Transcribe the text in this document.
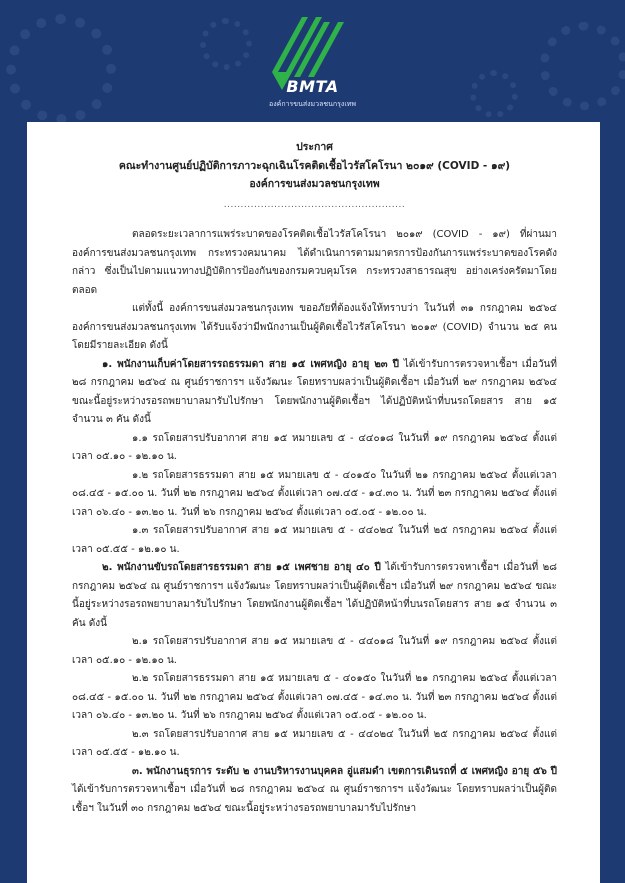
BMTA
องค์การขนส่งมวลชนกรุงเทพ
ประกาศ
คณะทำงานศูนย์ปฏิบัติการภาวะฉุกเฉินโรคติดเชื้อไวรัสโคโรนา ๒๐๑๙ (COVID - ๑๙)
องค์การขนส่งมวลชนกรุงเทพ
......................................................

ตลอดระยะเวลาการแพร่ระบาดของโรคติดเชื้อไวรัสโคโรนา ๒๐๑๙ (COVID - ๑๙) ที่ผ่านมาองค์การขนส่งมวลชนกรุงเทพ กระทรวงคมนาคม ได้ดำเนินการตามมาตรการป้องกันการแพร่ระบาดของโรคดังกล่าว ซึ่งเป็นไปตามแนวทางปฏิบัติการป้องกันของกรมควบคุมโรค กระทรวงสาธารณสุข อย่างเคร่งครัดมาโดยตลอด

แต่ทั้งนี้ องค์การขนส่งมวลชนกรุงเทพ ขออภัยที่ต้องแจ้งให้ทราบว่า ในวันที่ ๓๑ กรกฎาคม ๒๕๖๔ องค์การขนส่งมวลชนกรุงเทพ ได้รับแจ้งว่ามีพนักงานเป็นผู้ติดเชื้อไวรัสโคโรนา ๒๐๑๙ (COVID) จำนวน ๒๕ คน โดยมีรายละเอียด ดังนี้

๑. พนักงานเก็บค่าโดยสารรถธรรมดา สาย ๑๕ เพศหญิง อายุ ๒๓ ปี ได้เข้ารับการตรวจหาเชื้อฯ เมื่อวันที่ ๒๘ กรกฎาคม ๒๕๖๔ ณ ศูนย์ราชการฯ แจ้งวัฒนะ โดยทราบผลว่าเป็นผู้ติดเชื้อฯ เมื่อวันที่ ๒๙ กรกฎาคม ๒๕๖๔ ขณะนี้อยู่ระหว่างรอรถพยาบาลมารับไปรักษา โดยพนักงานผู้ติดเชื้อฯ ได้ปฏิบัติหน้าที่บนรถโดยสาร สาย ๑๕ จำนวน ๓ คัน ดังนี้

๑.๑ รถโดยสารปรับอากาศ สาย ๑๕ หมายเลข ๕ - ๔๔๐๑๘ ในวันที่ ๑๙ กรกฎาคม ๒๕๖๔ ตั้งแต่เวลา ๐๕.๑๐ - ๑๒.๑๐ น.

๑.๒ รถโดยสารธรรมดา สาย ๑๕ หมายเลข ๕ - ๔๐๑๕๐ ในวันที่ ๒๑ กรกฎาคม ๒๕๖๔ ตั้งแต่เวลา ๐๘.๔๕ - ๑๕.๐๐ น. วันที่ ๒๒ กรกฎาคม ๒๕๖๔ ตั้งแต่เวลา ๐๗.๔๕ - ๑๔.๓๐ น. วันที่ ๒๓ กรกฎาคม ๒๕๖๔ ตั้งแต่เวลา ๐๖.๔๐ - ๑๓.๒๐ น. วันที่ ๒๖ กรกฎาคม ๒๕๖๔ ตั้งแต่เวลา ๐๕.๐๕ - ๑๒.๐๐ น.

๑.๓ รถโดยสารปรับอากาศ สาย ๑๕ หมายเลข ๕ - ๔๔๐๒๔ ในวันที่ ๒๕ กรกฎาคม ๒๕๖๔ ตั้งแต่เวลา ๐๕.๕๕ - ๑๒.๑๐ น.

๒. พนักงานขับรถโดยสารธรรมดา สาย ๑๕ เพศชาย อายุ ๔๐ ปี ได้เข้ารับการตรวจหาเชื้อฯ เมื่อวันที่ ๒๘ กรกฎาคม ๒๕๖๔ ณ ศูนย์ราชการฯ แจ้งวัฒนะ โดยทราบผลว่าเป็นผู้ติดเชื้อฯ เมื่อวันที่ ๒๙ กรกฎาคม ๒๕๖๔ ขณะนี้อยู่ระหว่างรอรถพยาบาลมารับไปรักษา โดยพนักงานผู้ติดเชื้อฯ ได้ปฏิบัติหน้าที่บนรถโดยสาร สาย ๑๕ จำนวน ๓ คัน ดังนี้

๒.๑ รถโดยสารปรับอากาศ สาย ๑๕ หมายเลข ๕ - ๔๔๐๑๘ ในวันที่ ๑๙ กรกฎาคม ๒๕๖๔ ตั้งแต่เวลา ๐๕.๑๐ - ๑๒.๑๐ น.

๒.๒ รถโดยสารธรรมดา สาย ๑๕ หมายเลข ๕ - ๔๐๑๕๐ ในวันที่ ๒๑ กรกฎาคม ๒๕๖๔ ตั้งแต่เวลา ๐๘.๔๕ - ๑๕.๐๐ น. วันที่ ๒๒ กรกฎาคม ๒๕๖๔ ตั้งแต่เวลา ๐๗.๔๕ - ๑๔.๓๐ น. วันที่ ๒๓ กรกฎาคม ๒๕๖๔ ตั้งแต่เวลา ๐๖.๔๐ - ๑๓.๒๐ น. วันที่ ๒๖ กรกฎาคม ๒๕๖๔ ตั้งแต่เวลา ๐๕.๐๕ - ๑๒.๐๐ น.

๒.๓ รถโดยสารปรับอากาศ สาย ๑๕ หมายเลข ๕ - ๔๔๐๒๔ ในวันที่ ๒๕ กรกฎาคม ๒๕๖๔ ตั้งแต่เวลา ๐๕.๕๕ - ๑๒.๑๐ น.

๓. พนักงานธุรการ ระดับ ๒ งานบริหารงานบุคคล อู่แสมดำ เขตการเดินรถที่ ๕ เพศหญิง อายุ ๕๖ ปี ได้เข้ารับการตรวจหาเชื้อฯ เมื่อวันที่ ๒๘ กรกฎาคม ๒๕๖๔ ณ ศูนย์ราชการฯ แจ้งวัฒนะ โดยทราบผลว่าเป็นผู้ติดเชื้อฯ ในวันที่ ๓๐ กรกฎาคม ๒๕๖๔ ขณะนี้อยู่ระหว่างรอรถพยาบาลมารับไปรักษา
